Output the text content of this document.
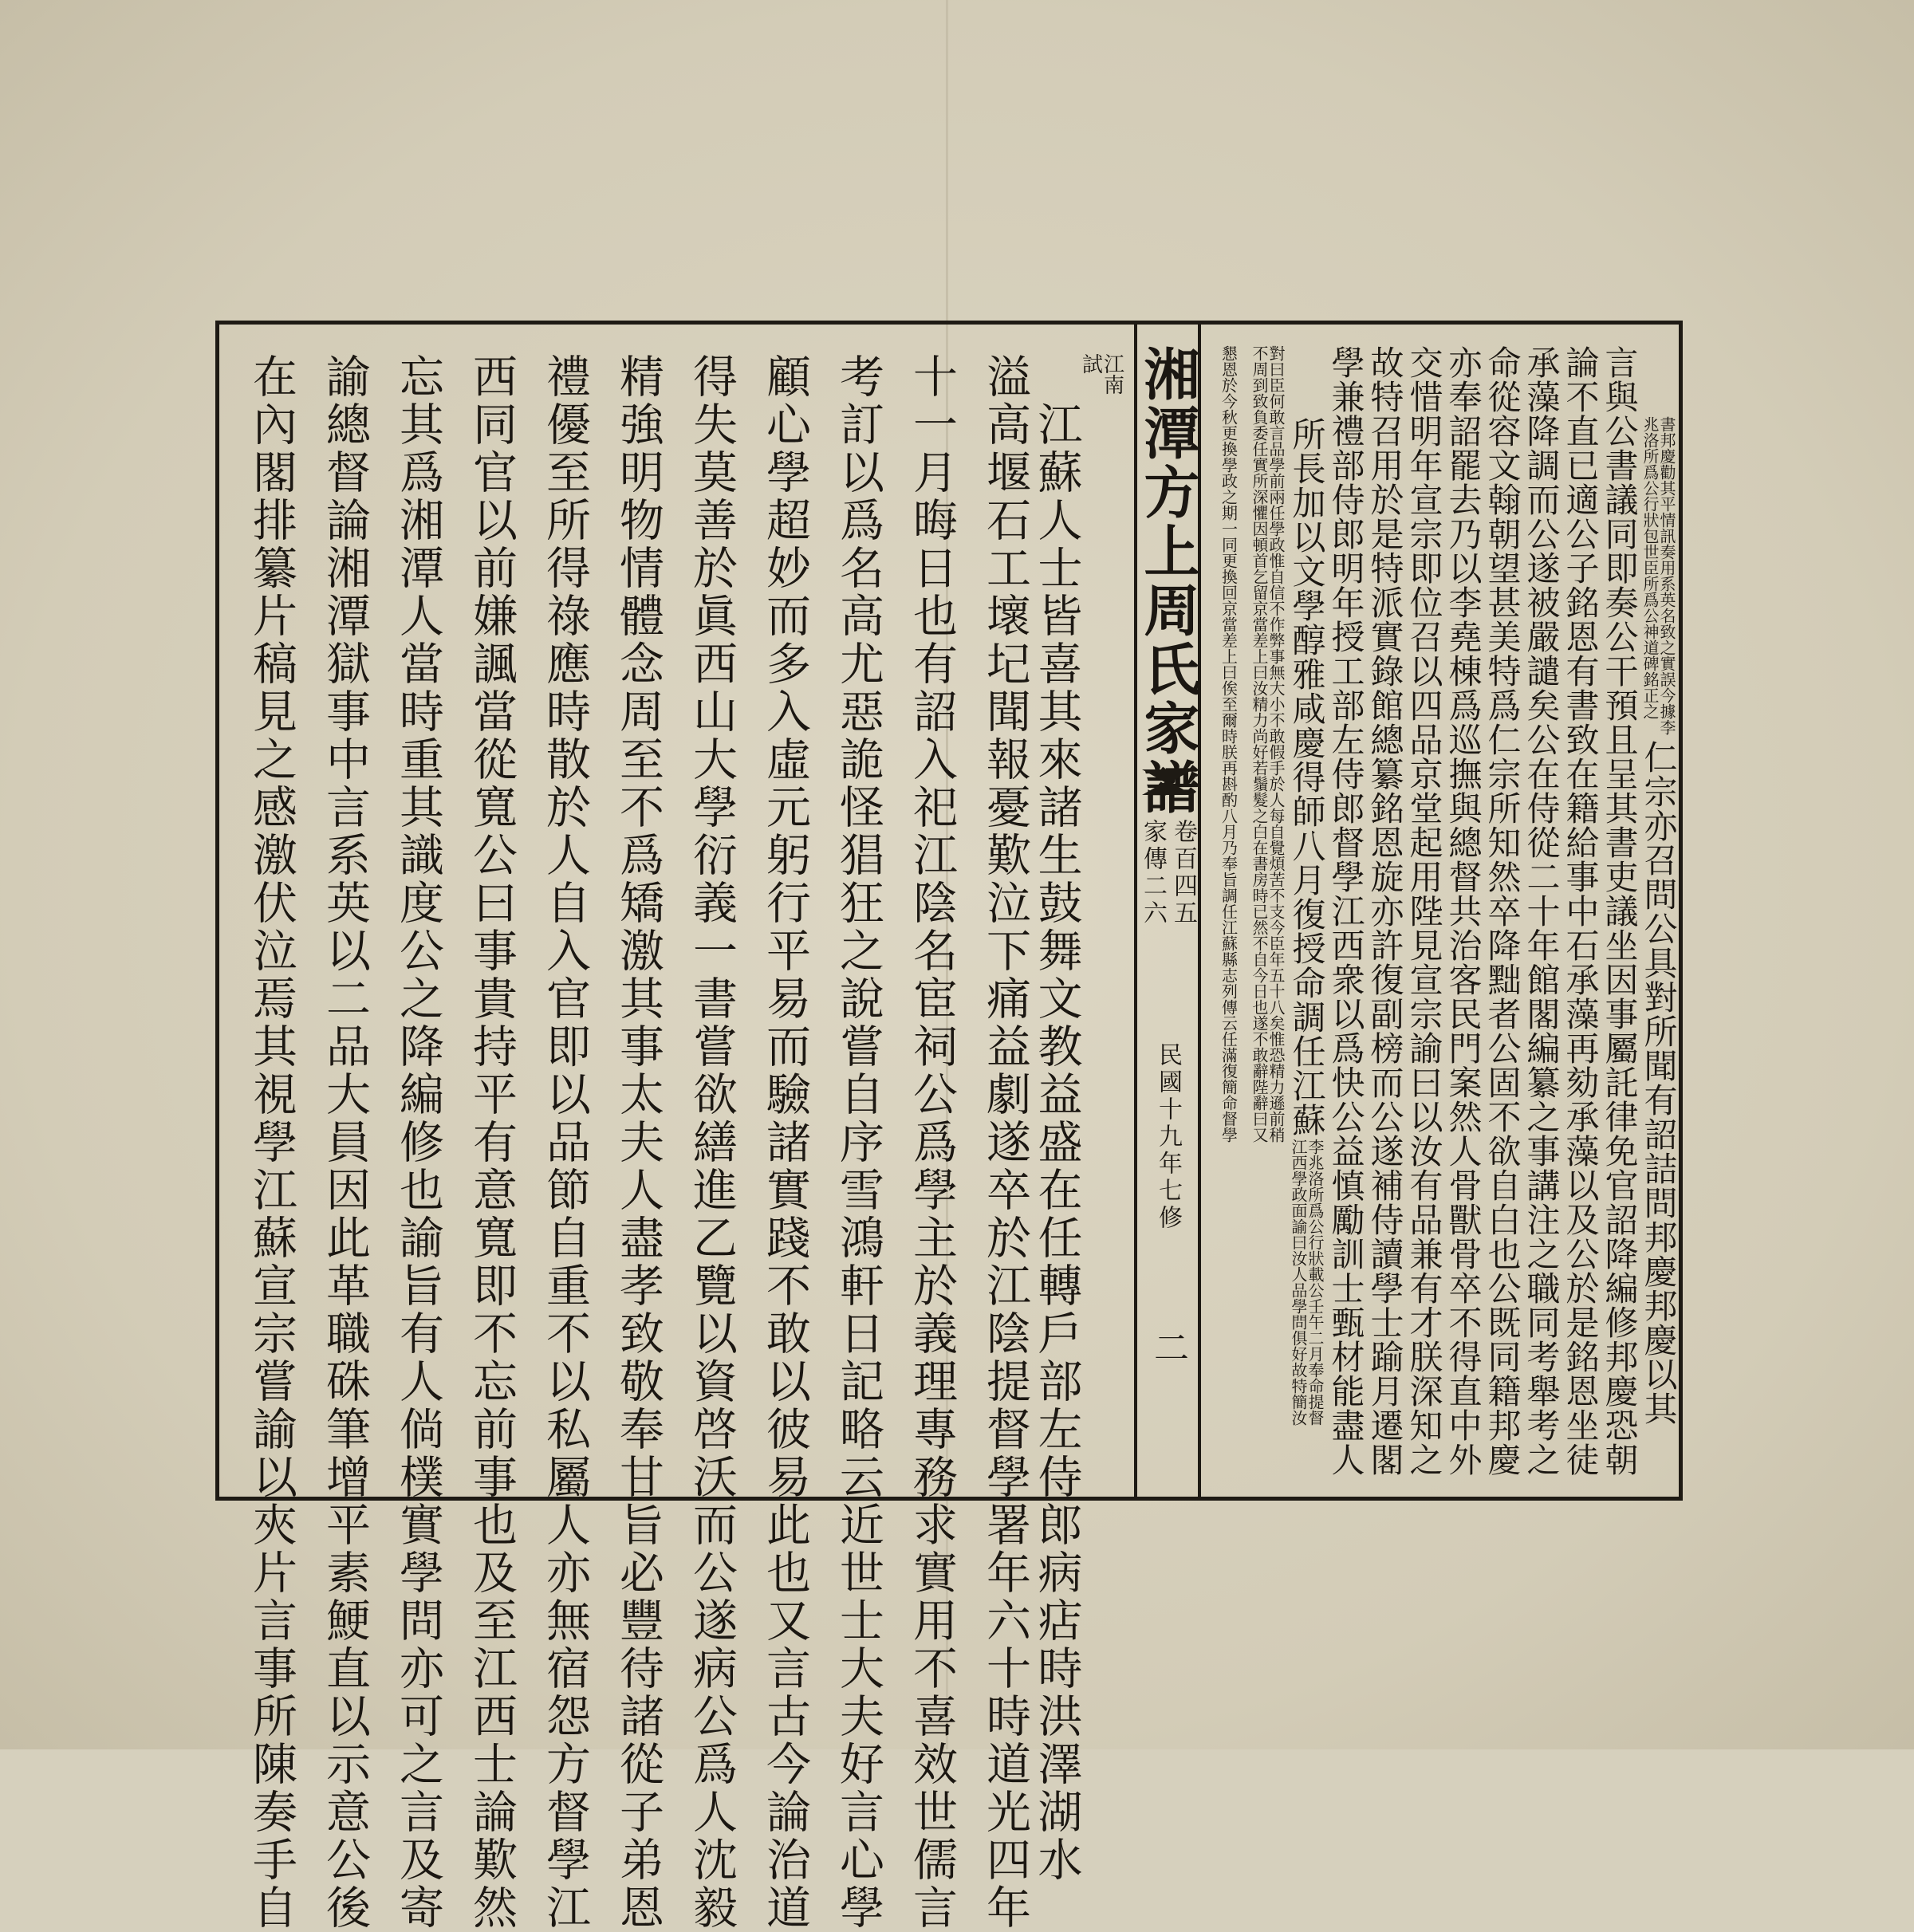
湘潭方上周氏家譜
卷百四五
家傳二六
民國十九年七修
二
書邦慶勸其平情訊奏用系英名致之實誤今據李
兆洛所爲公行狀包世臣所爲公神道碑銘正之
仁宗亦召問公具對所聞有詔詰問邦慶邦慶以其
言與公書議同即奏公干預且呈其書吏議坐因事屬託律免官詔降編修邦慶恐朝
論不直已適公子銘恩有書致在籍給事中石承藻再劾承藻以及公於是銘恩坐徒
承藻降調而公遂被嚴譴矣公在侍從二十年館閣編纂之事講注之職同考舉考之
命從容文翰朝望甚美特爲仁宗所知然卒降黜者公固不欲自白也公既同籍邦慶
亦奉詔罷去乃以李堯棟爲巡撫與總督共治客民門案然人骨獸骨卒不得直中外
交惜明年宣宗即位召以四品京堂起用陛見宣宗諭曰以汝有品兼有才朕深知之
故特召用於是特派實錄館總纂銘恩旋亦許復副榜而公遂補侍讀學士踰月遷閣
學兼禮部侍郎明年授工部左侍郎督學江西衆以爲快公益慎勵訓士甄材能盡人
所長加以文學醇雅咸慶得師八月復授命調任江蘇
李兆洛所爲公行狀載公壬午二月奉命提督
江西學政面諭曰汝人品學問俱好故特簡汝
對曰臣何敢言品學前兩任學政惟自信不作弊事無大小不敢假手於人每自覺煩苦不支今臣年五十八矣惟恐精力遜前稍
不周到致負委任實所深懼因頓首乞留京當差上曰汝精力尚好若鬚髮之白在書房時已然不自今日也遂不敢辭陛辭曰又
懇恩於今秋更換學政之期一同更換回京當差上曰俟至爾時朕再斟酌八月乃奉旨調任江蘇縣志列傳云任滿復簡命督學
江南
試
江蘇人士皆喜其來諸生鼓舞文教益盛在任轉戶部左侍郎病痁時洪澤湖水
溢高堰石工壞圮聞報憂歎泣下痛益劇遂卒於江陰提督學署年六十時道光四年
十一月晦日也有詔入祀江陰名宦祠公爲學主於義理專務求實用不喜效世儒言
考訂以爲名高尤惡詭怪猖狂之說嘗自序雪鴻軒日記略云近世士大夫好言心學
顧心學超妙而多入虛元躬行平易而驗諸實踐不敢以彼易此也又言古今論治道
得失莫善於眞西山大學衍義一書嘗欲繕進乙覽以資啓沃而公遂病公爲人沈毅
精強明物情體念周至不爲矯激其事太夫人盡孝致敬奉甘旨必豐待諸從子弟恩
禮優至所得祿應時散於人自入官即以品節自重不以私屬人亦無宿怨方督學江
西同官以前嫌諷當從寬公曰事貴持平有意寬即不忘前事也及至江西士論歎然
忘其爲湘潭人當時重其識度公之降編修也諭旨有人倘樸實學問亦可之言及寄
諭總督論湘潭獄事中言系英以二品大員因此革職硃筆增平素鯁直以示意公後
在內閣排纂片稿見之感激伏泣焉其視學江蘇宣宗嘗諭以夾片言事所陳奏手自
